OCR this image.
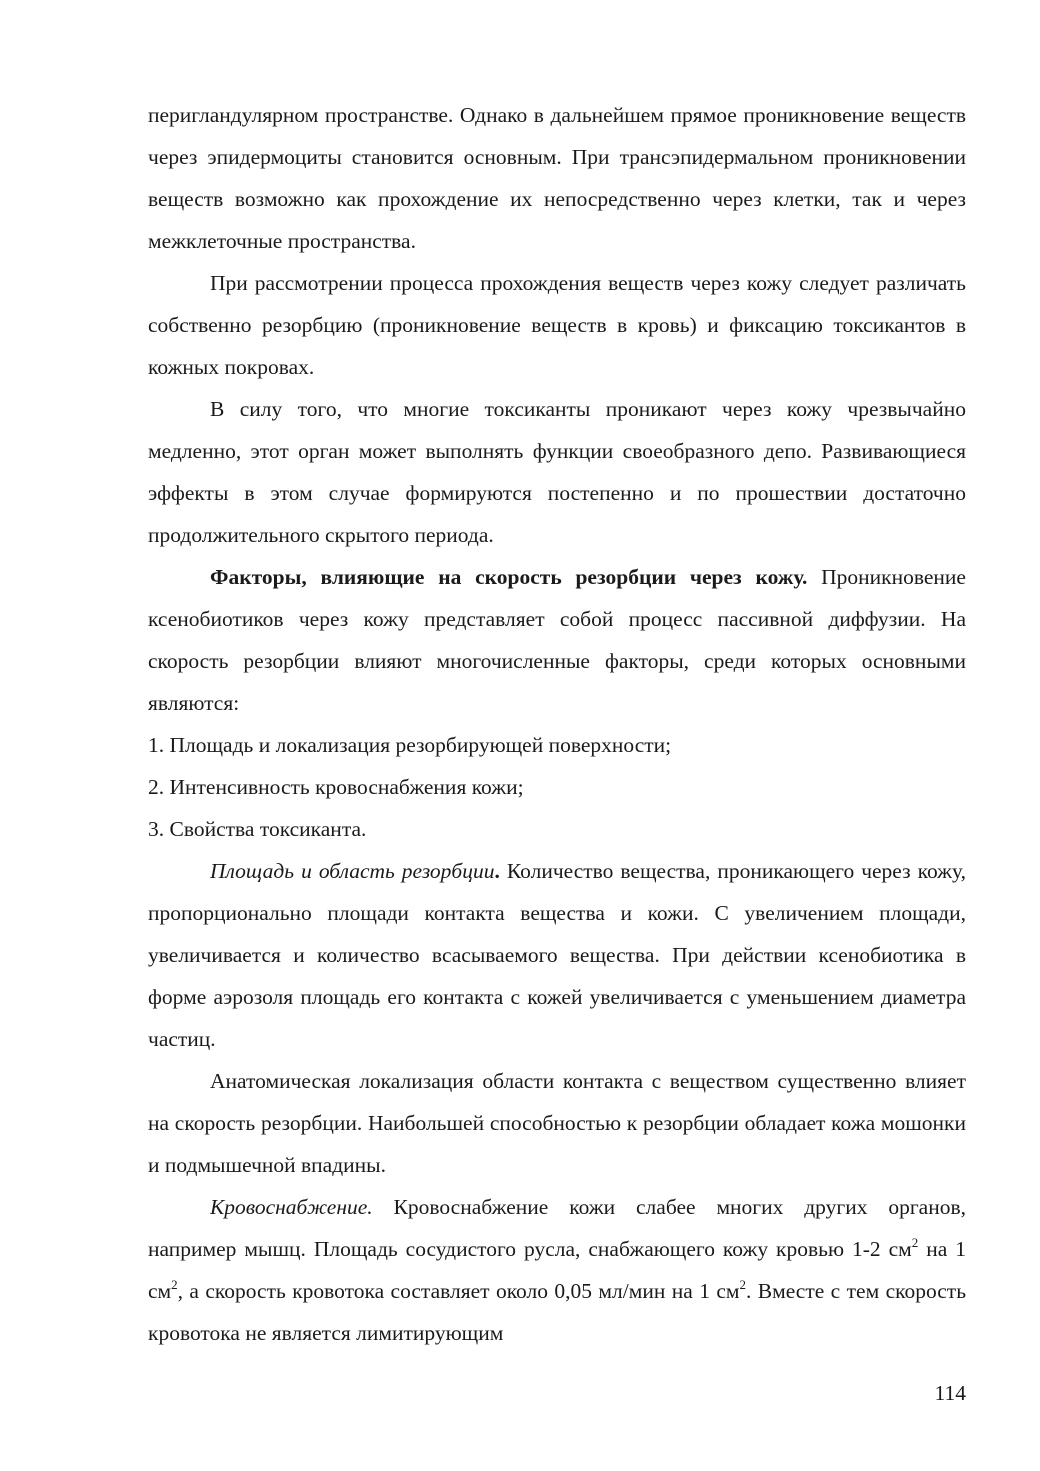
периглaндулярном пространстве. Однако в дальнейшем прямое проникновение веществ через эпидермоциты становится основным. При трансэпидермальном проникновении веществ возможно как прохождение их непосредственно через клетки, так и через межклеточные пространства.

При рассмотрении процесса прохождения веществ через кожу следует различать собственно резорбцию (проникновение веществ в кровь) и фиксацию токсикантов в кожных покровах.

В силу того, что многие токсиканты проникают через кожу чрезвычайно медленно, этот орган может выполнять функции своеобразного депо. Развивающиеся эффекты в этом случае формируются постепенно и по прошествии достаточно продолжительного скрытого периода.

Факторы, влияющие на скорость резорбции через кожу. Проникновение ксенобиотиков через кожу представляет собой процесс пассивной диффузии. На скорость резорбции влияют многочисленные факторы, среди которых основными являются:

1. Площадь и локализация резорбирующей поверхности;

2. Интенсивность кровоснабжения кожи;

3. Свойства токсиканта.

Площадь и область резорбции. Количество вещества, проникающего через кожу, пропорционально площади контакта вещества и кожи. С увеличением площади, увеличивается и количество всасываемого вещества. При действии ксенобиотика в форме аэрозоля площадь его контакта с кожей увеличивается с уменьшением диаметра частиц.

Анатомическая локализация области контакта с веществом существенно влияет на скорость резорбции. Наибольшей способностью к резорбции обладает кожа мошонки и подмышечной впадины.

Кровоснабжение. Кровоснабжение кожи слабее многих других органов, например мышц. Площадь сосудистого русла, снабжающего кожу кровью 1-2 $см^2$ на 1 $см^2$, а скорость кровотока составляет около 0,05 мл/мин на 1 $см^2$. Вместе с тем скорость кровотока не является лимитирующим

114
